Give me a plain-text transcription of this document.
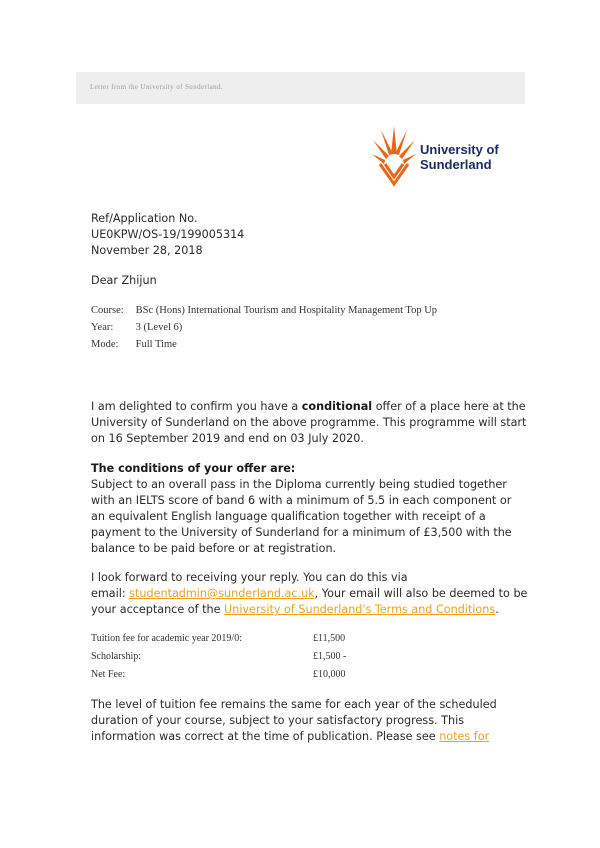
Letter from the University of Sunderland.
University of
Sunderland
Ref/Application No.
UE0KPW/OS-19/199005314
November 28, 2018
Dear Zhijun
Course: BSc (Hons) International Tourism and Hospitality Management Top Up
Year: 3 (Level 6)
Mode: Full Time
I am delighted to confirm you have a conditional offer of a place here at the
University of Sunderland on the above programme. This programme will start
on 16 September 2019 and end on 03 July 2020.
The conditions of your offer are:
Subject to an overall pass in the Diploma currently being studied together
with an IELTS score of band 6 with a minimum of 5.5 in each component or
an equivalent English language qualification together with receipt of a
payment to the University of Sunderland for a minimum of £3,500 with the
balance to be paid before or at registration.
I look forward to receiving your reply. You can do this via
email: studentadmin@sunderland.ac.uk, Your email will also be deemed to be
your acceptance of the University of Sunderland's Terms and Conditions.
Tuition fee for academic year 2019/0:	£11,500
Scholarship:	£1,500 -
Net Fee:	£10,000
The level of tuition fee remains the same for each year of the scheduled
duration of your course, subject to your satisfactory progress. This
information was correct at the time of publication. Please see notes for
